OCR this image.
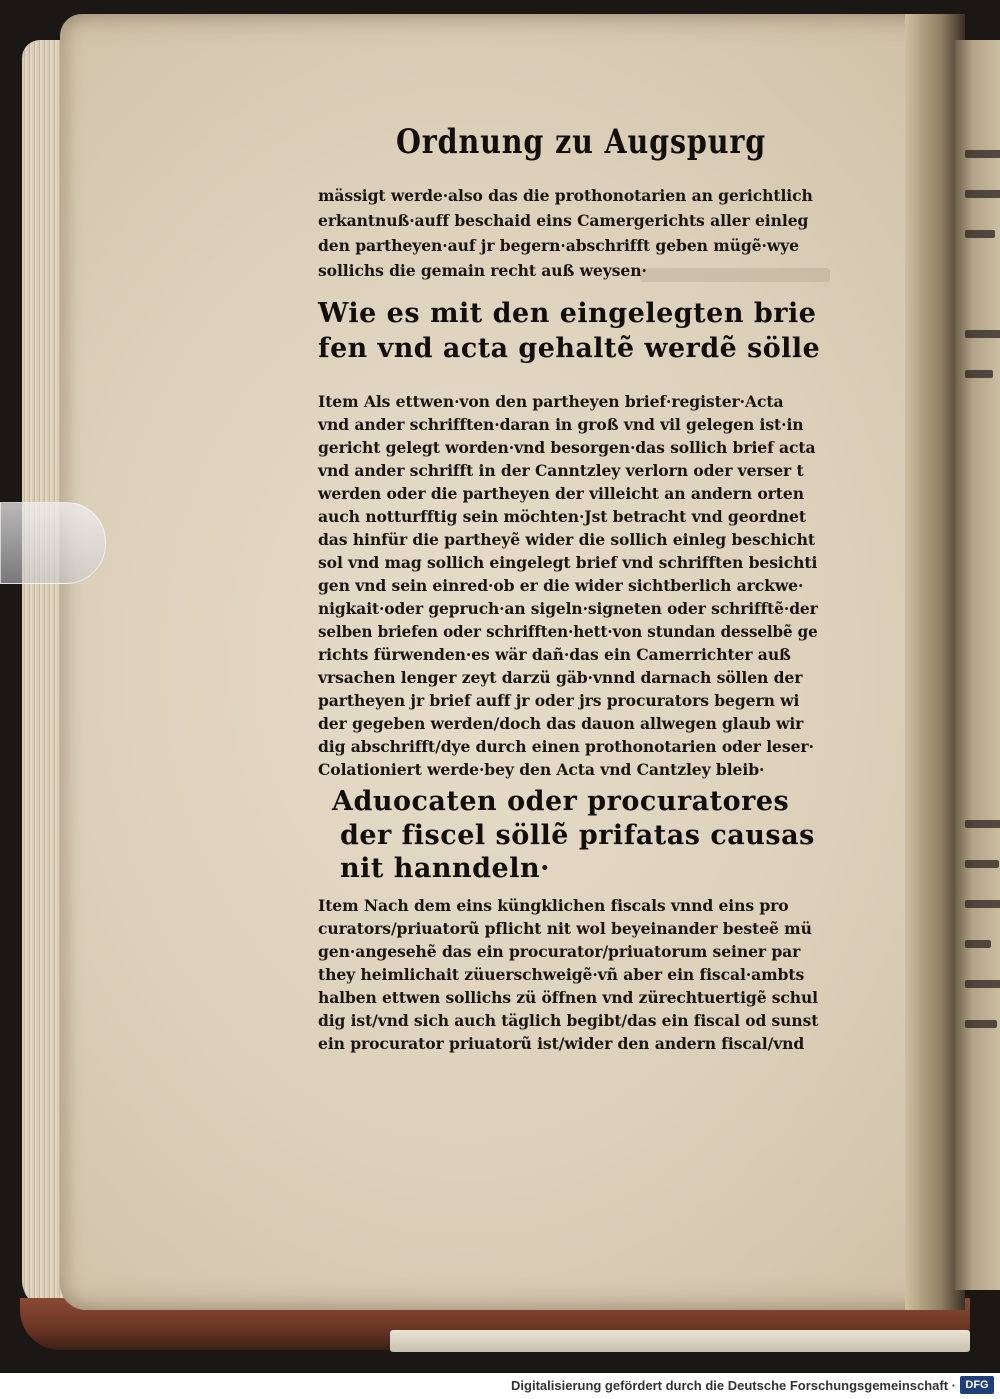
Ordnung zu Augspurg
mässigt werde·also das die prothonotarien an gerichtlich
erkantnuß·auff beschaid eins Camergerichts aller einleg
den partheyen·auf jr begern·abschrifft geben mügẽ·wye
sollichs die gemain recht auß weysen·
Wie es mit den eingelegten brie
fen vnd acta gehaltẽ werdẽ sölle
Item Als ettwen·von den partheyen brief·register·Acta
vnd ander schrifften·daran in groß vnd vil gelegen ist·in
gericht gelegt worden·vnd besorgen·das sollich brief acta
vnd ander schrifft in der Canntzley verlorn oder verser t
werden oder die partheyen der villeicht an andern orten
auch notturfftig sein möchten·Jst betracht vnd geordnet
das hinfür die partheyẽ wider die sollich einleg beschicht
sol vnd mag sollich eingelegt brief vnd schrifften besichti
gen vnd sein einred·ob er die wider sichtberlich arckwe·
nigkait·oder gepruch·an sigeln·signeten oder schrifftẽ·der
selben briefen oder schrifften·hett·von stundan desselbẽ ge
richts fürwenden·es wär dañ·das ein Camerrichter auß
vrsachen lenger zeyt darzü gäb·vnnd darnach söllen der
partheyen jr brief auff jr oder jrs procurators begern wi
der gegeben werden/doch das dauon allwegen glaub wir
dig abschrifft/dye durch einen prothonotarien oder leser·
Colationiert werde·bey den Acta vnd Cantzley bleib·
Aduocaten oder procuratores
der fiscel söllẽ prifatas causas
nit hanndeln·
Item Nach dem eins küngklichen fiscals vnnd eins pro
curators/priuatorũ pflicht nit wol beyeinander besteẽ mü
gen·angesehẽ das ein procurator/priuatorum seiner par
they heimlichait züuerschweigẽ·vñ aber ein fiscal·ambts
halben ettwen sollichs zü öffnen vnd zürechtuertigẽ schul
dig ist/vnd sich auch täglich begibt/das ein fiscal od sunst
ein procurator priuatorũ ist/wider den andern fiscal/vnd
Digitalisierung gefördert durch die Deutsche Forschungsgemeinschaft · DFG
